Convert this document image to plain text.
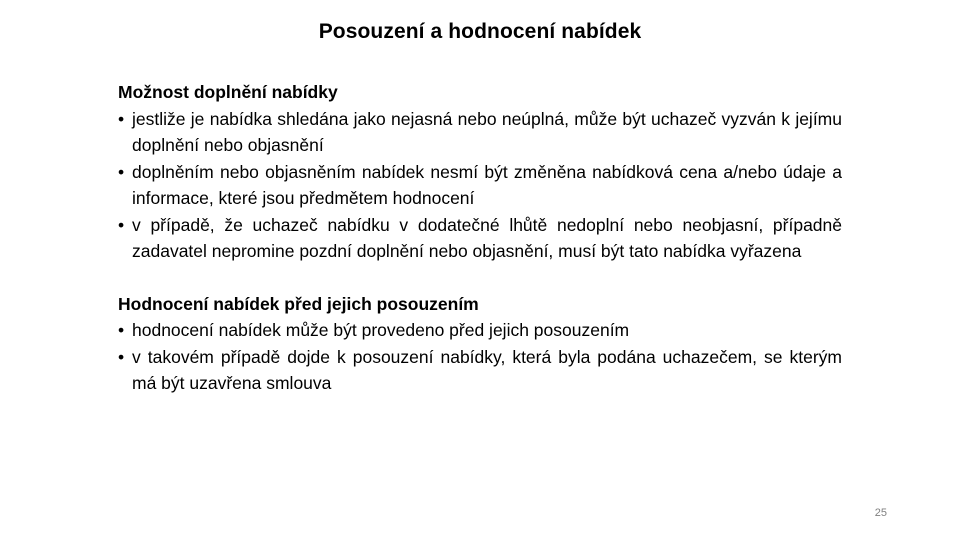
Posouzení a hodnocení nabídek

Možnost doplnění nabídky

• jestliže je nabídka shledána jako nejasná nebo neúplná, může být uchazeč vyzván k jejímu doplnění nebo objasnění
• doplněním nebo objasněním nabídek nesmí být změněna nabídková cena a/nebo údaje a informace, které jsou předmětem hodnocení
• v případě, že uchazeč nabídku v dodatečné lhůtě nedoplní nebo neobjasní, případně zadavatel nepromine pozdní doplnění nebo objasnění, musí být tato nabídka vyřazena

Hodnocení nabídek před jejich posouzením

• hodnocení nabídek může být provedeno před jejich posouzením
• v takovém případě dojde k posouzení nabídky, která byla podána uchazečem, se kterým má být uzavřena smlouva
25
